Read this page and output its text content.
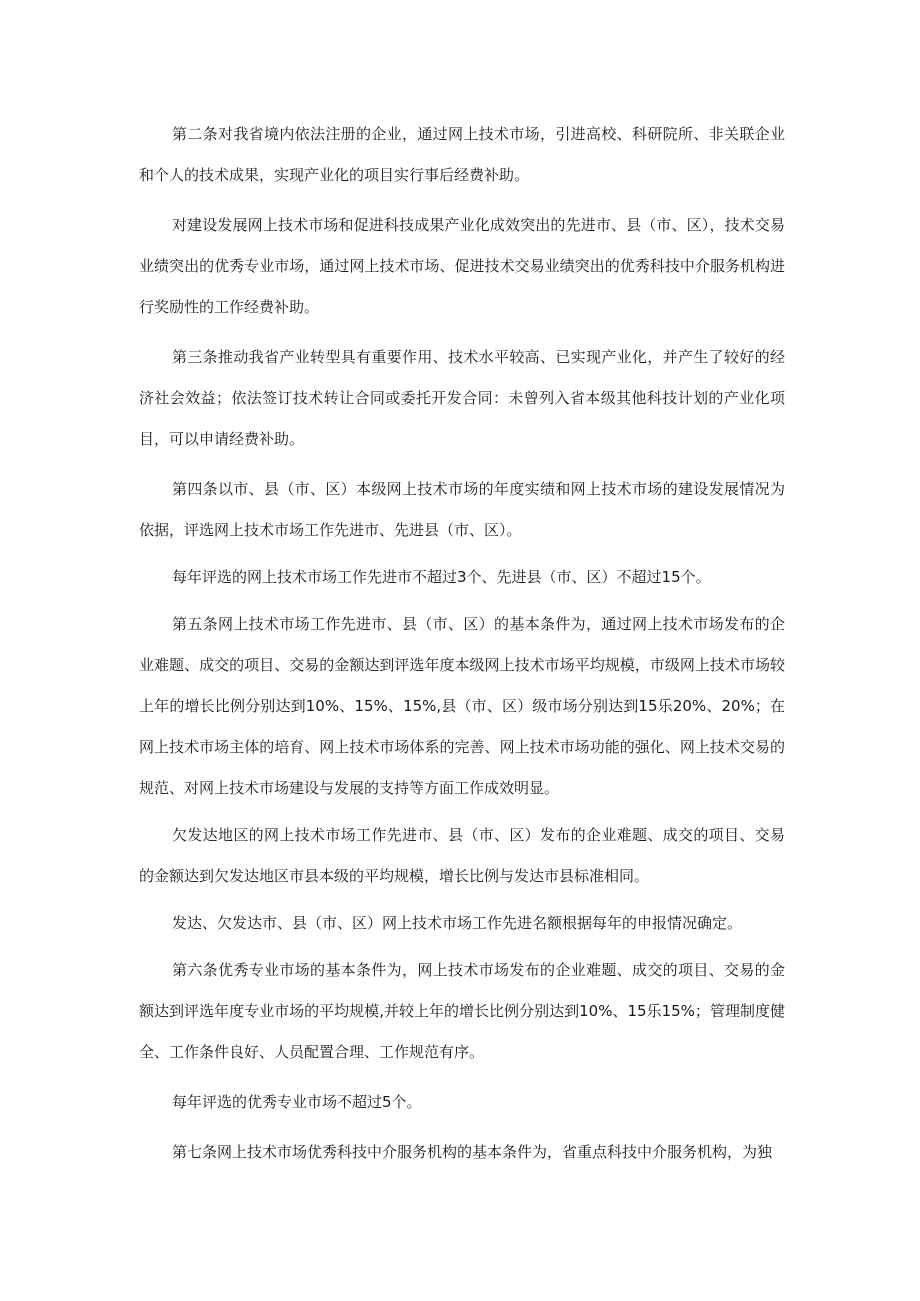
第二条对我省境内依法注册的企业，通过网上技术市场，引进高校、科研院所、非关联企业和个人的技术成果，实现产业化的项目实行事后经费补助。

对建设发展网上技术市场和促进科技成果产业化成效突出的先进市、县（市、区），技术交易业绩突出的优秀专业市场，通过网上技术市场、促进技术交易业绩突出的优秀科技中介服务机构进行奖励性的工作经费补助。

第三条推动我省产业转型具有重要作用、技术水平较高、已实现产业化，并产生了较好的经济社会效益；依法签订技术转让合同或委托开发合同：未曾列入省本级其他科技计划的产业化项目，可以申请经费补助。

第四条以市、县（市、区）本级网上技术市场的年度实绩和网上技术市场的建设发展情况为依据，评选网上技术市场工作先进市、先进县（市、区）。

每年评选的网上技术市场工作先进市不超过3个、先进县（市、区）不超过15个。

第五条网上技术市场工作先进市、县（市、区）的基本条件为，通过网上技术市场发布的企业难题、成交的项目、交易的金额达到评选年度本级网上技术市场平均规模，市级网上技术市场较上年的增长比例分别达到10%、15%、15%,县（市、区）级市场分别达到15乐20%、20%；在网上技术市场主体的培育、网上技术市场体系的完善、网上技术市场功能的强化、网上技术交易的规范、对网上技术市场建设与发展的支持等方面工作成效明显。

欠发达地区的网上技术市场工作先进市、县（市、区）发布的企业难题、成交的项目、交易的金额达到欠发达地区市县本级的平均规模，增长比例与发达市县标准相同。

发达、欠发达市、县（市、区）网上技术市场工作先进名额根据每年的申报情况确定。

第六条优秀专业市场的基本条件为，网上技术市场发布的企业难题、成交的项目、交易的金额达到评选年度专业市场的平均规模,并较上年的增长比例分别达到10%、15乐15%；管理制度健全、工作条件良好、人员配置合理、工作规范有序。

每年评选的优秀专业市场不超过5个。

第七条网上技术市场优秀科技中介服务机构的基本条件为，省重点科技中介服务机构，为独
